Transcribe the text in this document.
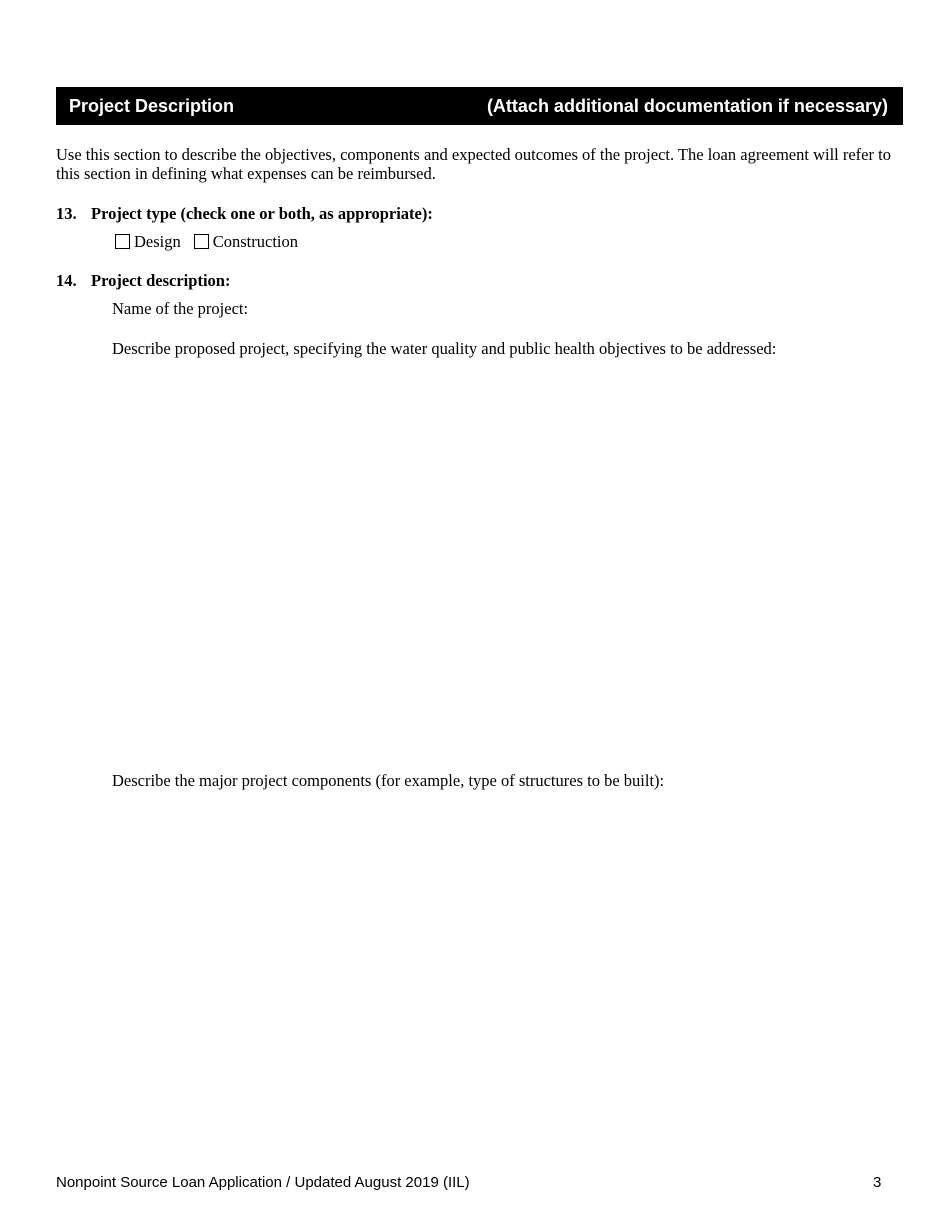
Project Description	(Attach additional documentation if necessary)
Use this section to describe the objectives, components and expected outcomes of the project. The loan agreement will refer to this section in defining what expenses can be reimbursed.
13. Project type (check one or both, as appropriate):
Design Construction
14. Project description:
Name of the project:
Describe proposed project, specifying the water quality and public health objectives to be addressed:
Describe the major project components (for example, type of structures to be built):
Nonpoint Source Loan Application / Updated August 2019 (IIL)	3
